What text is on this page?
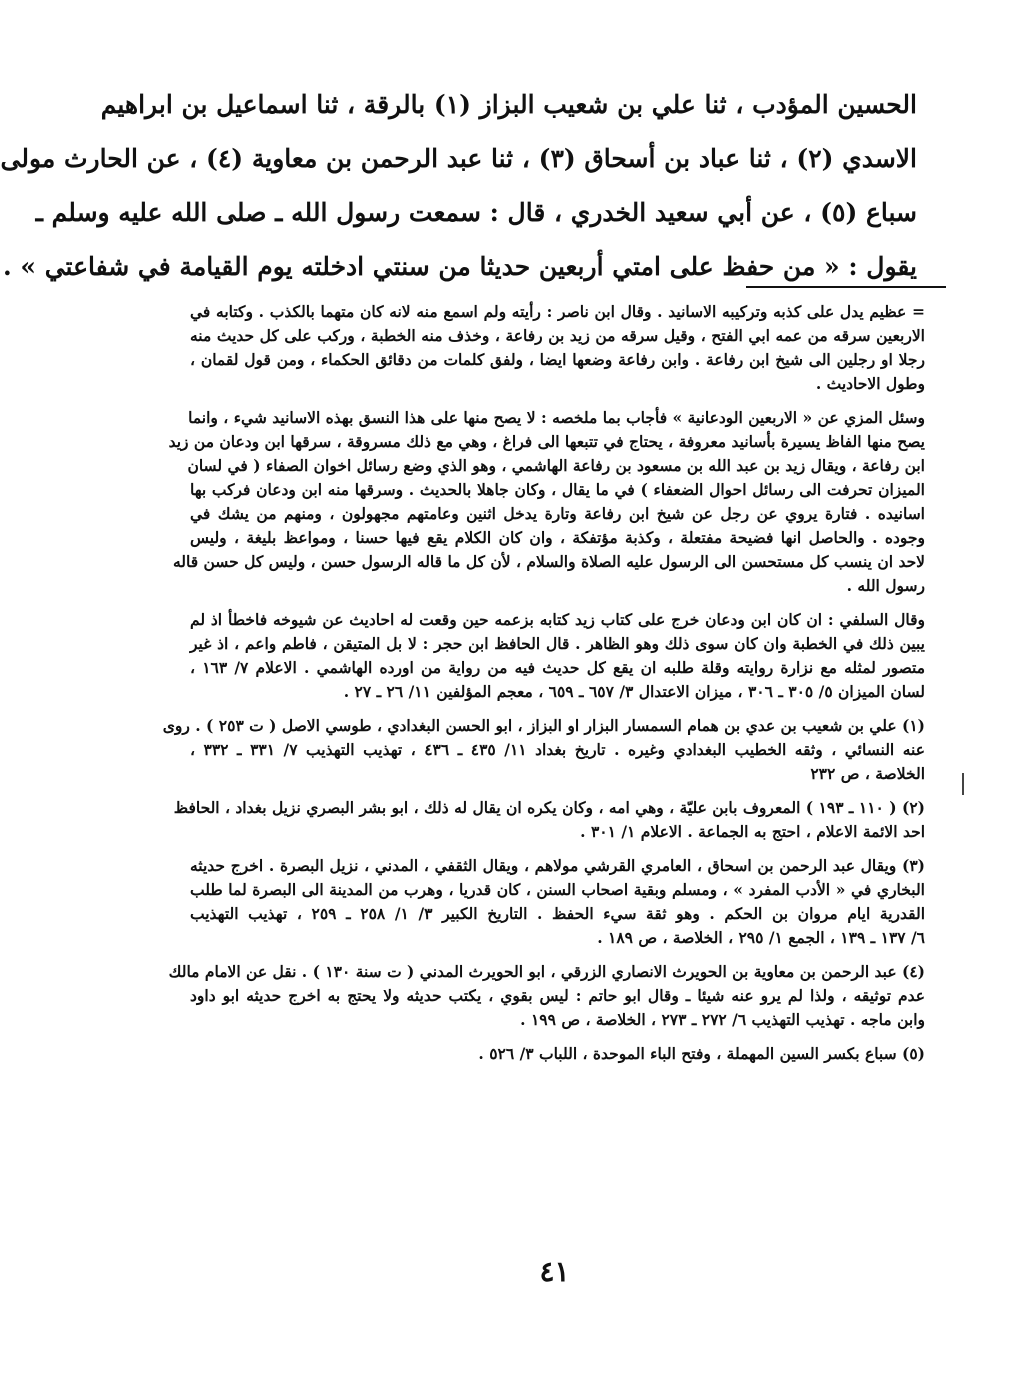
الحسين المؤدب ، ثنا علي بن شعيب البزاز (١) بالرقة ، ثنا اسماعيل بن ابراهيم
الاسدي (٢) ، ثنا عباد بن أسحاق (٣) ، ثنا عبد الرحمن بن معاوية (٤) ، عن الحارث مولى
سباع (٥) ، عن أبي سعيد الخدري ، قال : سمعت رسول الله ـ صلى الله عليه وسلم ـ
يقول : « من حفظ على امتي أربعين حديثا من سنتي ادخلته يوم القيامة في شفاعتي » .
= عظيم يدل على كذبه وتركيبه الاسانيد . وقال ابن ناصر : رأيته ولم اسمع منه لانه كان متهما بالكذب . وكتابه في
الاربعين سرقه من عمه ابي الفتح ، وقيل سرقه من زيد بن رفاعة ، وخذف منه الخطبة ، وركب على كل حديث منه
رجلا او رجلين الى شيخ ابن رفاعة . وابن رفاعة وضعها ايضا ، ولفق كلمات من دقائق الحكماء ، ومن قول لقمان ،
وطول الاحاديث .
وسئل المزي عن « الاربعين الودعانية » فأجاب بما ملخصه : لا يصح منها على هذا النسق بهذه الاسانيد شيء ، وانما
يصح منها الفاظ يسيرة بأسانيد معروفة ، يحتاج في تتبعها الى فراغ ، وهي مع ذلك مسروقة ، سرقها ابن ودعان من زيد
ابن رفاعة ، ويقال زيد بن عبد الله بن مسعود بن رفاعة الهاشمي ، وهو الذي وضع رسائل اخوان الصفاء ( في لسان
الميزان تحرفت الى رسائل احوال الضعفاء ) في ما يقال ، وكان جاهلا بالحديث . وسرقها منه ابن ودعان فركب بها
اسانيده . فتارة يروي عن رجل عن شيخ ابن رفاعة وتارة يدخل اثنين وعامتهم مجهولون ، ومنهم من يشك في
وجوده . والحاصل انها فضيحة مفتعلة ، وكذبة مؤتفكة ، وان كان الكلام يقع فيها حسنا ، ومواعظ بليغة ، وليس
لاحد ان ينسب كل مستحسن الى الرسول عليه الصلاة والسلام ، لأن كل ما قاله الرسول حسن ، وليس كل حسن قاله
رسول الله .
وقال السلفي : ان كان ابن ودعان خرج على كتاب زيد كتابه بزعمه حين وقعت له احاديث عن شيوخه فاخطأ اذ لم
يبين ذلك في الخطبة وان كان سوى ذلك وهو الظاهر . قال الحافظ ابن حجر : لا بل المتيقن ، فاطم واعم ، اذ غير
متصور لمثله مع نزارة روايته وقلة طلبه ان يقع كل حديث فيه من رواية من اورده الهاشمي . الاعلام ٧/ ١٦٣ ،
لسان الميزان ٥/ ٣٠٥ ـ ٣٠٦ ، ميزان الاعتدال ٣/ ٦٥٧ ـ ٦٥٩ ، معجم المؤلفين ١١/ ٢٦ ـ ٢٧ .
(١) علي بن شعيب بن عدي بن همام السمسار البزار او البزاز ، ابو الحسن البغدادي ، طوسي الاصل ( ت ٢٥٣ ) . روى
عنه النسائي ، وثقه الخطيب البغدادي وغيره . تاريخ بغداد ١١/ ٤٣٥ ـ ٤٣٦ ، تهذيب التهذيب ٧/ ٣٣١ ـ ٣٣٢ ،
الخلاصة ، ص ٢٣٢
(٢) ( ١١٠ ـ ١٩٣ ) المعروف بابن عليّة ، وهي امه ، وكان يكره ان يقال له ذلك ، ابو بشر البصري نزيل بغداد ، الحافظ
احد الائمة الاعلام ، احتج به الجماعة . الاعلام ١/ ٣٠١ .
(٣) ويقال عبد الرحمن بن اسحاق ، العامري القرشي مولاهم ، ويقال الثقفي ، المدني ، نزيل البصرة . اخرج حديثه
البخاري في « الأدب المفرد » ، ومسلم وبقية اصحاب السنن ، كان قدريا ، وهرب من المدينة الى البصرة لما طلب
القدرية ايام مروان بن الحكم . وهو ثقة سيء الحفظ . التاريخ الكبير ٣/ ١/ ٢٥٨ ـ ٢٥٩ ، تهذيب التهذيب
٦/ ١٣٧ ـ ١٣٩ ، الجمع ١/ ٢٩٥ ، الخلاصة ، ص ١٨٩ .
(٤) عبد الرحمن بن معاوية بن الحويرث الانصاري الزرقي ، ابو الحويرث المدني ( ت سنة ١٣٠ ) . نقل عن الامام مالك
عدم توثيقه ، ولذا لم يرو عنه شيئا ـ وقال ابو حاتم : ليس بقوي ، يكتب حديثه ولا يحتج به اخرج حديثه ابو داود
وابن ماجه . تهذيب التهذيب ٦/ ٢٧٢ ـ ٢٧٣ ، الخلاصة ، ص ١٩٩ .
(٥) سباع بكسر السين المهملة ، وفتح الباء الموحدة ، اللباب ٣/ ٥٢٦ .
٤١
